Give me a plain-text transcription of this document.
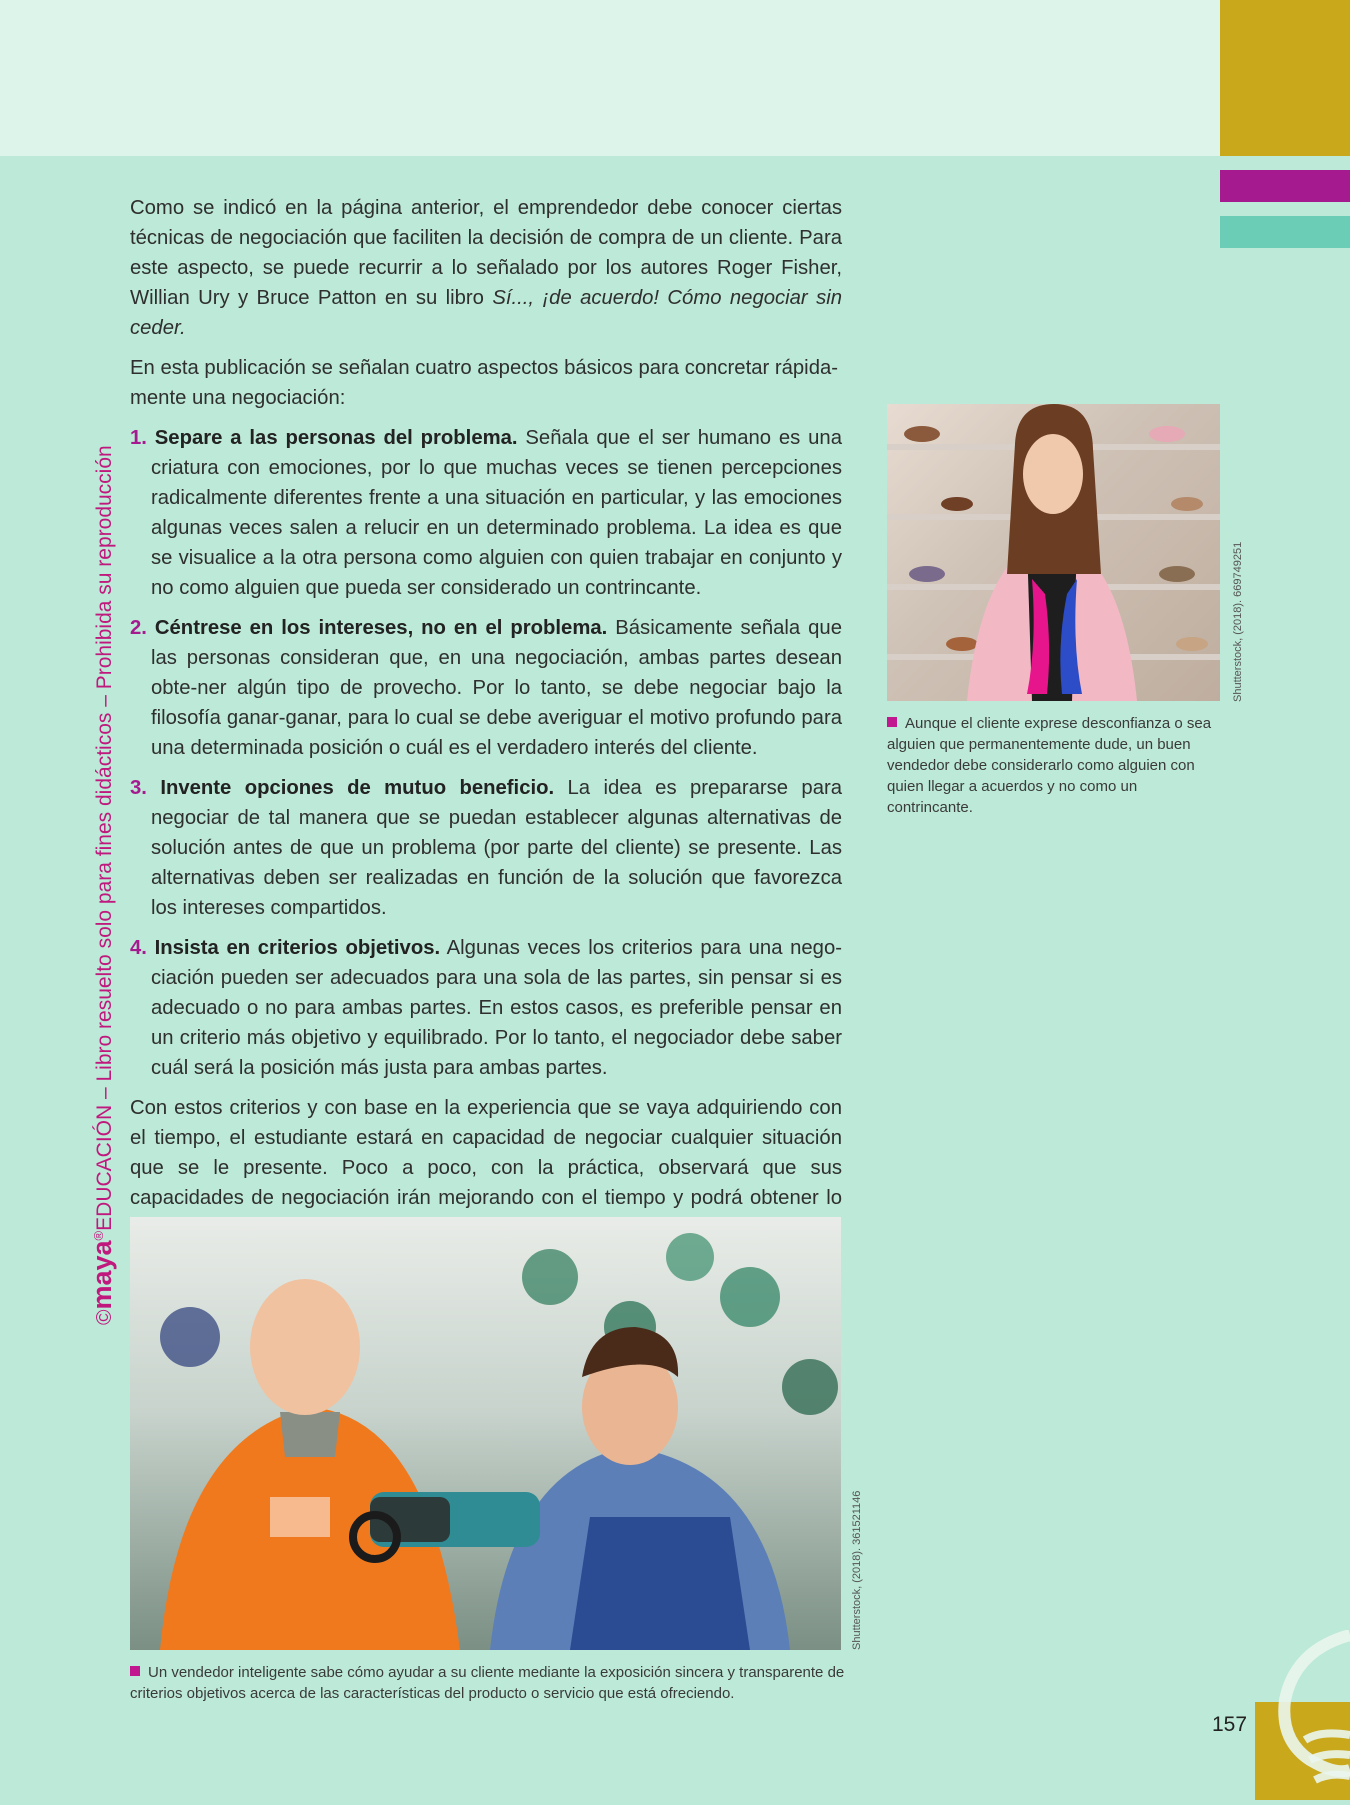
©maya®EDUCACIÓN – Libro resuelto solo para fines didácticos – Prohibida su reproducción

Como se indicó en la página anterior, el emprendedor debe conocer ciertas técnicas de negociación que faciliten la decisión de compra de un cliente. Para este aspecto, se puede recurrir a lo señalado por los autores Roger Fisher, Willian Ury y Bruce Patton en su libro Sí..., ¡de acuerdo! Cómo negociar sin ceder.

En esta publicación se señalan cuatro aspectos básicos para concretar rápida-mente una negociación:

1. Separe a las personas del problema. Señala que el ser humano es una criatura con emociones, por lo que muchas veces se tienen percepciones radicalmente diferentes frente a una situación en particular, y las emociones algunas veces salen a relucir en un determinado problema. La idea es que se visualice a la otra persona como alguien con quien trabajar en conjunto y no como alguien que pueda ser considerado un contrincante.
2. Céntrese en los intereses, no en el problema. Básicamente señala que las personas consideran que, en una negociación, ambas partes desean obte-ner algún tipo de provecho. Por lo tanto, se debe negociar bajo la filosofía ganar-ganar, para lo cual se debe averiguar el motivo profundo para una determinada posición o cuál es el verdadero interés del cliente.
3. Invente opciones de mutuo beneficio. La idea es prepararse para negociar de tal manera que se puedan establecer algunas alternativas de solución antes de que un problema (por parte del cliente) se presente. Las alternativas deben ser realizadas en función de la solución que favorezca los intereses compartidos.
4. Insista en criterios objetivos. Algunas veces los criterios para una nego-ciación pueden ser adecuados para una sola de las partes, sin pensar si es adecuado o no para ambas partes. En estos casos, es preferible pensar en un criterio más objetivo y equilibrado. Por lo tanto, el negociador debe saber cuál será la posición más justa para ambas partes.

Con estos criterios y con base en la experiencia que se vaya adquiriendo con el tiempo, el estudiante estará en capacidad de negociar cualquier situación que se le presente. Poco a poco, con la práctica, observará que sus capacidades de negociación irán mejorando con el tiempo y podrá obtener lo

Shutterstock, (2018). 669749251
Aunque el cliente exprese desconfianza o sea alguien que permanentemente dude, un buen vendedor debe considerarlo como alguien con quien llegar a acuerdos y no como un contrincante.
Shutterstock, (2018). 361521146
Un vendedor inteligente sabe cómo ayudar a su cliente mediante la exposición sincera y transparente de criterios objetivos acerca de las características del producto o servicio que está ofreciendo.
157
